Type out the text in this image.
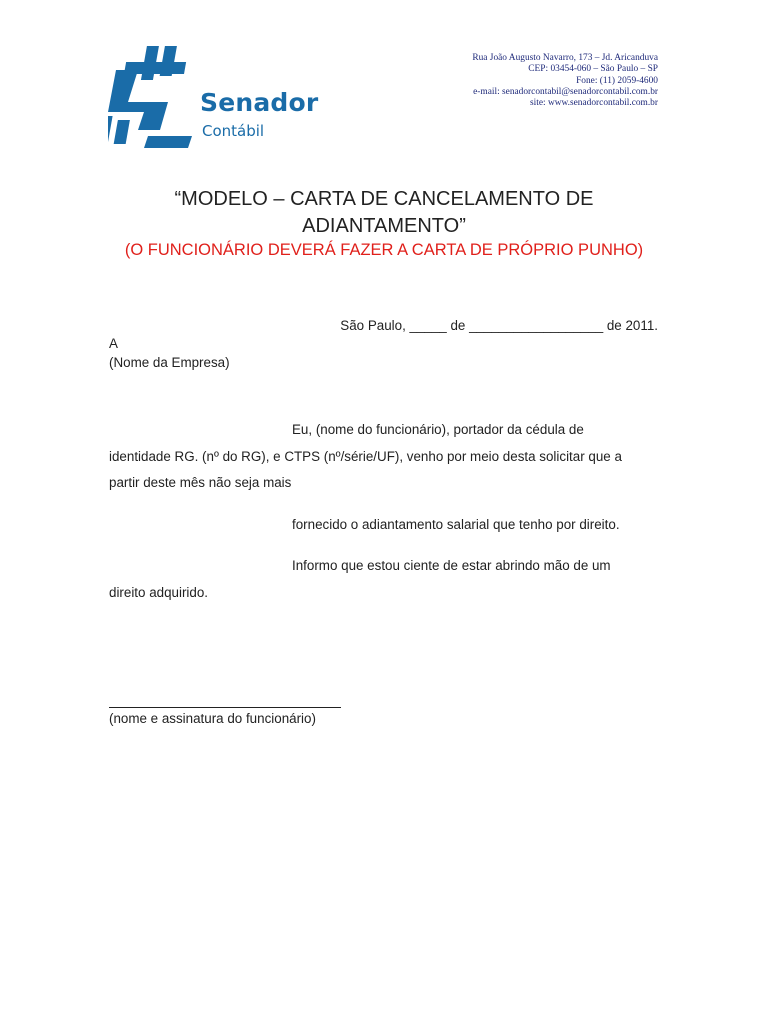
Senador
Contábil
Rua João Augusto Navarro, 173 – Jd. Aricanduva
CEP: 03454-060 – São Paulo – SP
Fone: (11) 2059-4600
e-mail: senadorcontabil@senadorcontabil.com.br
site: www.senadorcontabil.com.br
“MODELO – CARTA DE CANCELAMENTO DE
ADIANTAMENTO”
(O FUNCIONÁRIO DEVERÁ FAZER A CARTA DE PRÓPRIO PUNHO)
São Paulo, _____ de __________________ de 2011.
A
(Nome da Empresa)
Eu, (nome do funcionário), portador da cédula de
identidade RG. (nº do RG), e CTPS (nº/série/UF), venho por meio desta solicitar que a
partir deste mês não seja mais
fornecido o adiantamento salarial que tenho por direito.
Informo que estou ciente de estar abrindo mão de um
direito adquirido.
(nome e assinatura do funcionário)
